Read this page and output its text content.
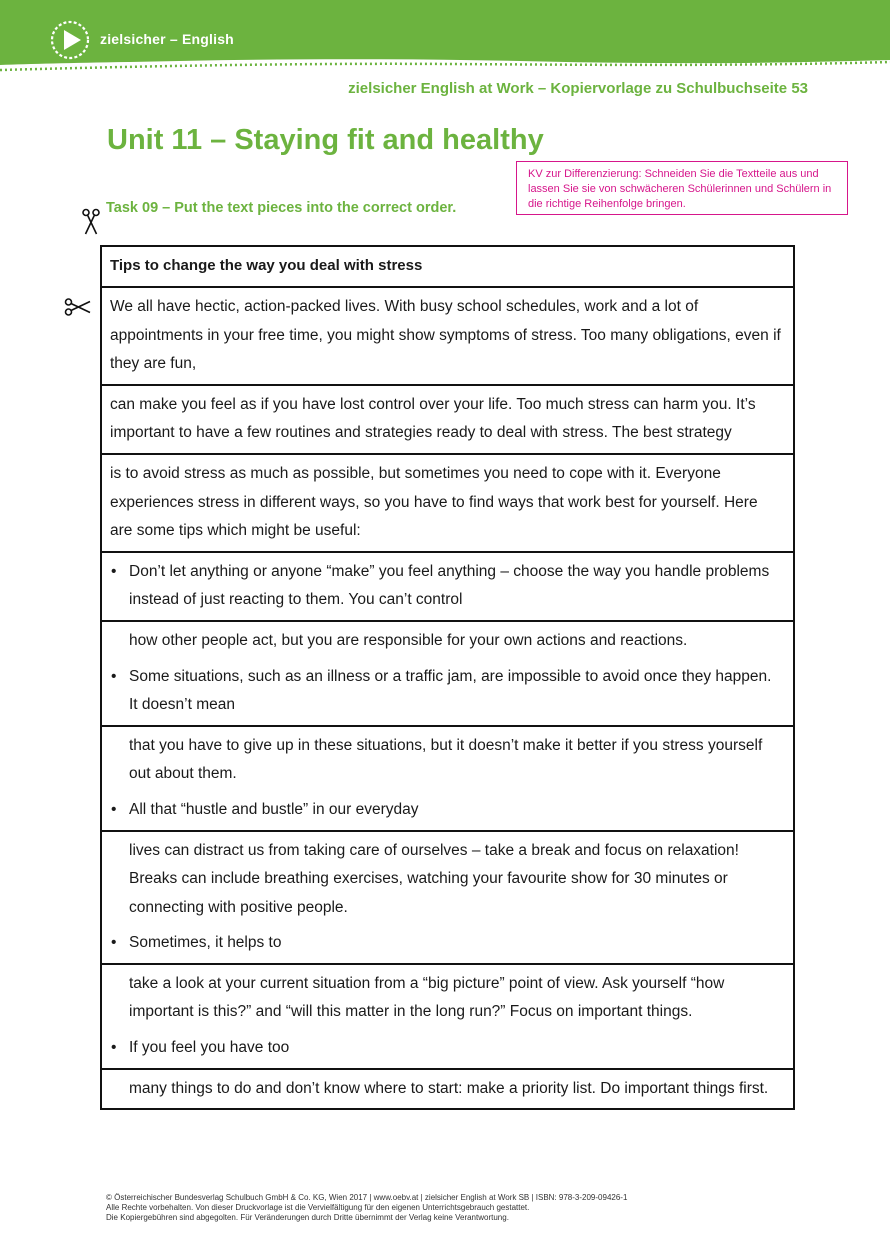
zielsicher – English
zielsicher English at Work – Kopiervorlage zu Schulbuchseite 53
Unit 11 – Staying fit and healthy
KV zur Differenzierung: Schneiden Sie die Textteile aus und lassen Sie sie von schwächeren Schülerinnen und Schülern in die richtige Reihenfolge bringen.
Task 09 – Put the text pieces into the correct order.
Tips to change the way you deal with stress

We all have hectic, action-packed lives. With busy school schedules, work and a lot of appointments in your free time, you might show symptoms of stress. Too many obligations, even if they are fun,

can make you feel as if you have lost control over your life. Too much stress can harm you. It’s important to have a few routines and strategies ready to deal with stress. The best strategy

is to avoid stress as much as possible, but sometimes you need to cope with it. Everyone experiences stress in different ways, so you have to find ways that work best for yourself. Here are some tips which might be useful:

• Don’t let anything or anyone “make” you feel anything – choose the way you handle problems instead of just reacting to them. You can’t control

how other people act, but you are responsible for your own actions and reactions.

• Some situations, such as an illness or a traffic jam, are impossible to avoid once they happen. It doesn’t mean

that you have to give up in these situations, but it doesn’t make it better if you stress yourself out about them.

• All that “hustle and bustle” in our everyday

lives can distract us from taking care of ourselves – take a break and focus on relaxation! Breaks can include breathing exercises, watching your favourite show for 30 minutes or connecting with positive people.

• Sometimes, it helps to

take a look at your current situation from a “big picture” point of view. Ask yourself “how important is this?” and “will this matter in the long run?” Focus on important things.

• If you feel you have too

many things to do and don’t know where to start: make a priority list. Do important things first.

© Österreichischer Bundesverlag Schulbuch GmbH & Co. KG, Wien 2017 | www.oebv.at | zielsicher English at Work SB | ISBN: 978-3-209-09426-1
Alle Rechte vorbehalten. Von dieser Druckvorlage ist die Vervielfältigung für den eigenen Unterrichtsgebrauch gestattet.
Die Kopiergebühren sind abgegolten. Für Veränderungen durch Dritte übernimmt der Verlag keine Verantwortung.
